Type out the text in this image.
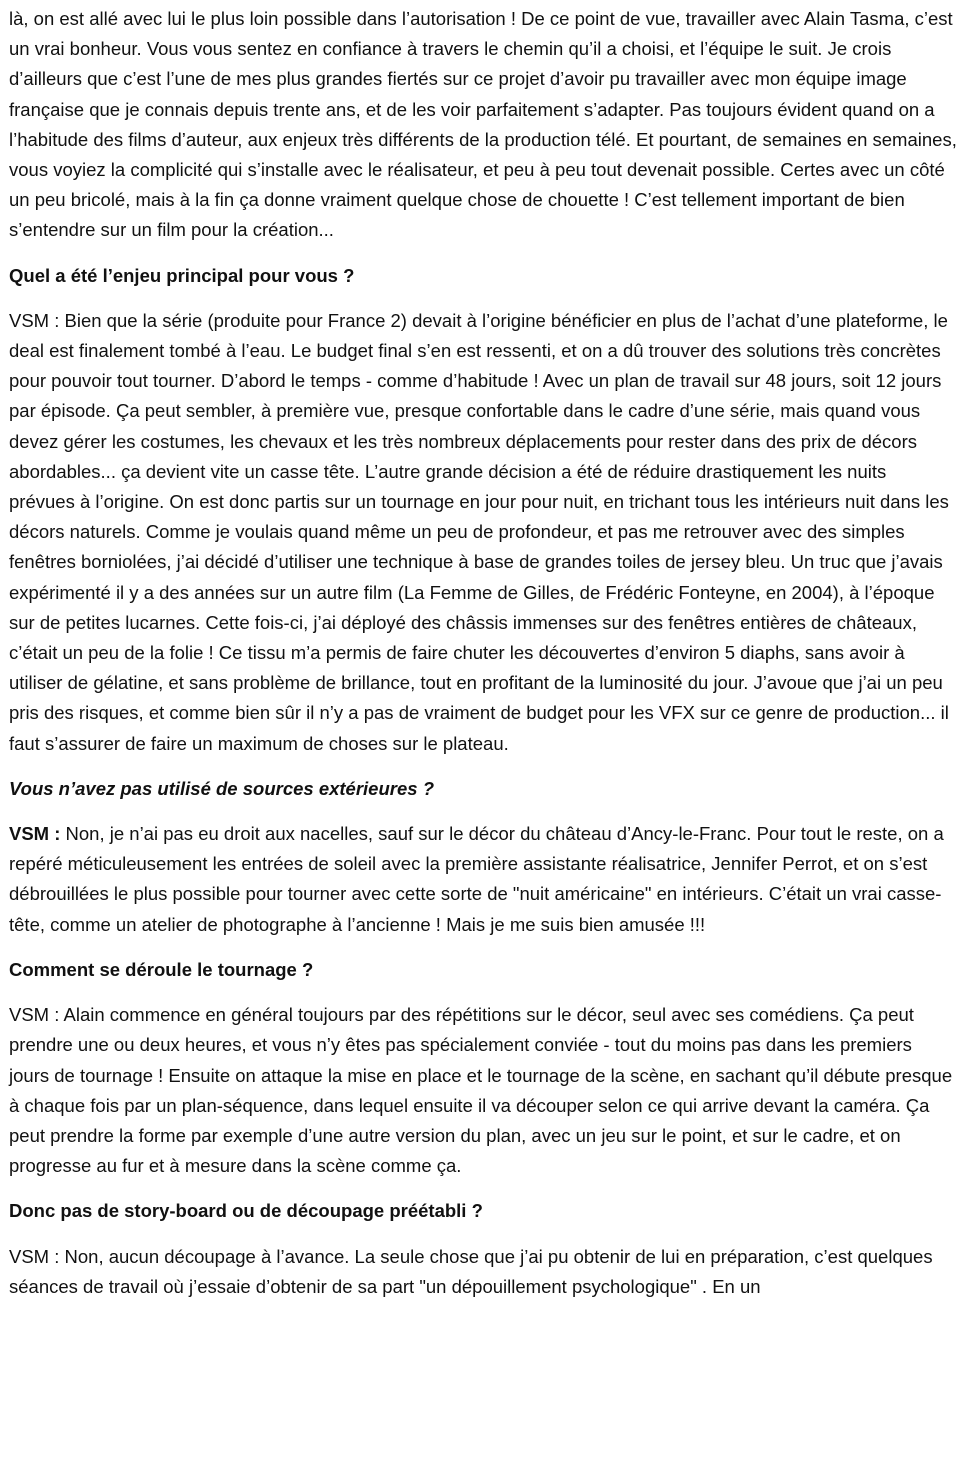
là, on est allé avec lui le plus loin possible dans l’autorisation ! De ce point de vue, travailler avec Alain Tasma, c’est un vrai bonheur. Vous vous sentez en confiance à travers le chemin qu’il a choisi, et l’équipe le suit. Je crois d’ailleurs que c’est l’une de mes plus grandes fiertés sur ce projet d’avoir pu travailler avec mon équipe image française que je connais depuis trente ans, et de les voir parfaitement s’adapter. Pas toujours évident quand on a l’habitude des films d’auteur, aux enjeux très différents de la production télé. Et pourtant, de semaines en semaines, vous voyiez la complicité qui s’installe avec le réalisateur, et peu à peu tout devenait possible. Certes avec un côté un peu bricolé, mais à la fin ça donne vraiment quelque chose de chouette ! C’est tellement important de bien s’entendre sur un film pour la création...

Quel a été l’enjeu principal pour vous ?

VSM : Bien que la série (produite pour France 2) devait à l’origine bénéficier en plus de l’achat d’une plateforme, le deal est finalement tombé à l’eau. Le budget final s’en est ressenti, et on a dû trouver des solutions très concrètes pour pouvoir tout tourner. D’abord le temps - comme d’habitude ! Avec un plan de travail sur 48 jours, soit 12 jours par épisode. Ça peut sembler, à première vue, presque confortable dans le cadre d’une série, mais quand vous devez gérer les costumes, les chevaux et les très nombreux déplacements pour rester dans des prix de décors abordables... ça devient vite un casse tête. L’autre grande décision a été de réduire drastiquement les nuits prévues à l’origine. On est donc partis sur un tournage en jour pour nuit, en trichant tous les intérieurs nuit dans les décors naturels. Comme je voulais quand même un peu de profondeur, et pas me retrouver avec des simples fenêtres borniolées, j’ai décidé d’utiliser une technique à base de grandes toiles de jersey bleu. Un truc que j’avais expérimenté il y a des années sur un autre film (La Femme de Gilles, de Frédéric Fonteyne, en 2004), à l’époque sur de petites lucarnes. Cette fois-ci, j’ai déployé des châssis immenses sur des fenêtres entières de châteaux, c’était un peu de la folie ! Ce tissu m’a permis de faire chuter les découvertes d’environ 5 diaphs, sans avoir à utiliser de gélatine, et sans problème de brillance, tout en profitant de la luminosité du jour. J’avoue que j’ai un peu pris des risques, et comme bien sûr il n’y a pas de vraiment de budget pour les VFX sur ce genre de production... il faut s’assurer de faire un maximum de choses sur le plateau.

Vous n’avez pas utilisé de sources extérieures ?

VSM : Non, je n’ai pas eu droit aux nacelles, sauf sur le décor du château d’Ancy-le-Franc. Pour tout le reste, on a repéré méticuleusement les entrées de soleil avec la première assistante réalisatrice, Jennifer Perrot, et on s’est débrouillées le plus possible pour tourner avec cette sorte de "nuit américaine" en intérieurs. C’était un vrai casse-tête, comme un atelier de photographe à l’ancienne ! Mais je me suis bien amusée !!!

Comment se déroule le tournage ?

VSM : Alain commence en général toujours par des répétitions sur le décor, seul avec ses comédiens. Ça peut prendre une ou deux heures, et vous n’y êtes pas spécialement conviée - tout du moins pas dans les premiers jours de tournage ! Ensuite on attaque la mise en place et le tournage de la scène, en sachant qu’il débute presque à chaque fois par un plan-séquence, dans lequel ensuite il va découper selon ce qui arrive devant la caméra. Ça peut prendre la forme par exemple d’une autre version du plan, avec un jeu sur le point, et sur le cadre, et on progresse au fur et à mesure dans la scène comme ça.

Donc pas de story-board ou de découpage préétabli ?

VSM : Non, aucun découpage à l’avance. La seule chose que j’ai pu obtenir de lui en préparation, c’est quelques séances de travail où j’essaie d’obtenir de sa part "un dépouillement psychologique" . En un
